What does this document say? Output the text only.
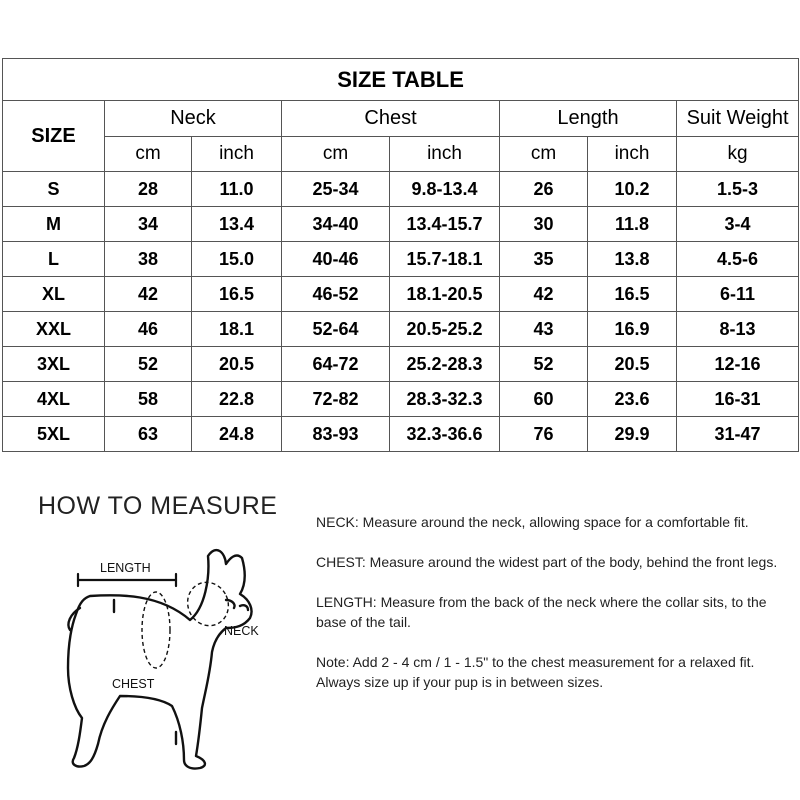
SIZE TABLE							
SIZE	Neck		Chest		Length		Suit Weight
	cm	inch	cm	inch	cm	inch	kg
S	28	11.0	25-34	9.8-13.4	26	10.2	1.5-3
M	34	13.4	34-40	13.4-15.7	30	11.8	3-4
L	38	15.0	40-46	15.7-18.1	35	13.8	4.5-6
XL	42	16.5	46-52	18.1-20.5	42	16.5	6-11
XXL	46	18.1	52-64	20.5-25.2	43	16.9	8-13
3XL	52	20.5	64-72	25.2-28.3	52	20.5	12-16
4XL	58	22.8	72-82	28.3-32.3	60	23.6	16-31
5XL	63	24.8	83-93	32.3-36.6	76	29.9	31-47
HOW TO MEASURE
LENGTH
NECK
CHEST

NECK: Measure around the neck, allowing space for a comfortable fit.

CHEST: Measure around the widest part of the body, behind the front legs.

LENGTH: Measure from the back of the neck where the collar sits, to the base of the tail.

Note: Add 2 - 4 cm / 1 - 1.5" to the chest measurement for a relaxed fit. Always size up if your pup is in between sizes.
